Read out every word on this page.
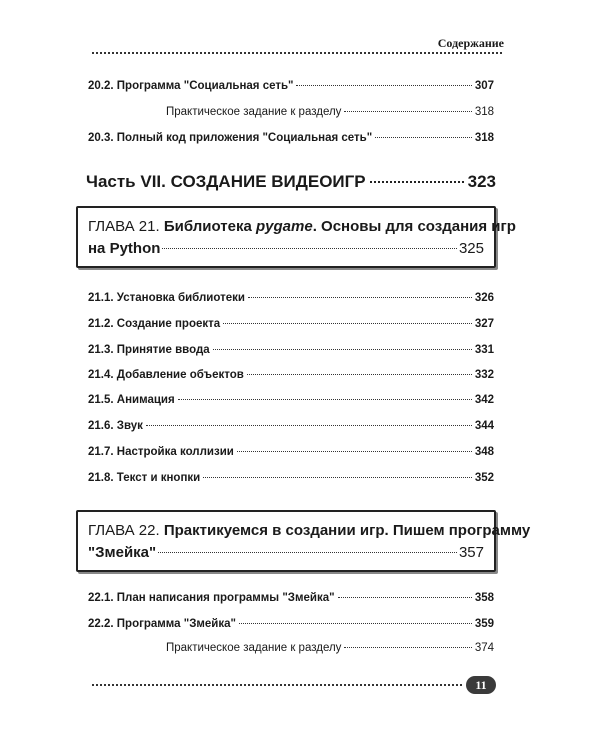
Содержание
20.2. Программа "Социальная сеть"	307
Практическое задание к разделу	318
20.3. Полный код приложения "Социальная сеть"	318
Часть VII. СОЗДАНИЕ ВИДЕОИГР	323
ГЛАВА 21. Библиотека pygame. Основы для создания игр
на Python	325
21.1. Установка библиотеки	326
21.2. Создание проекта	327
21.3. Принятие ввода	331
21.4. Добавление объектов	332
21.5. Анимация	342
21.6. Звук	344
21.7. Настройка коллизии	348
21.8. Текст и кнопки	352
ГЛАВА 22. Практикуемся в создании игр. Пишем программу
"Змейка"	357
22.1. План написания программы "Змейка"	358
22.2. Программа "Змейка"	359
Практическое задание к разделу	374
11
